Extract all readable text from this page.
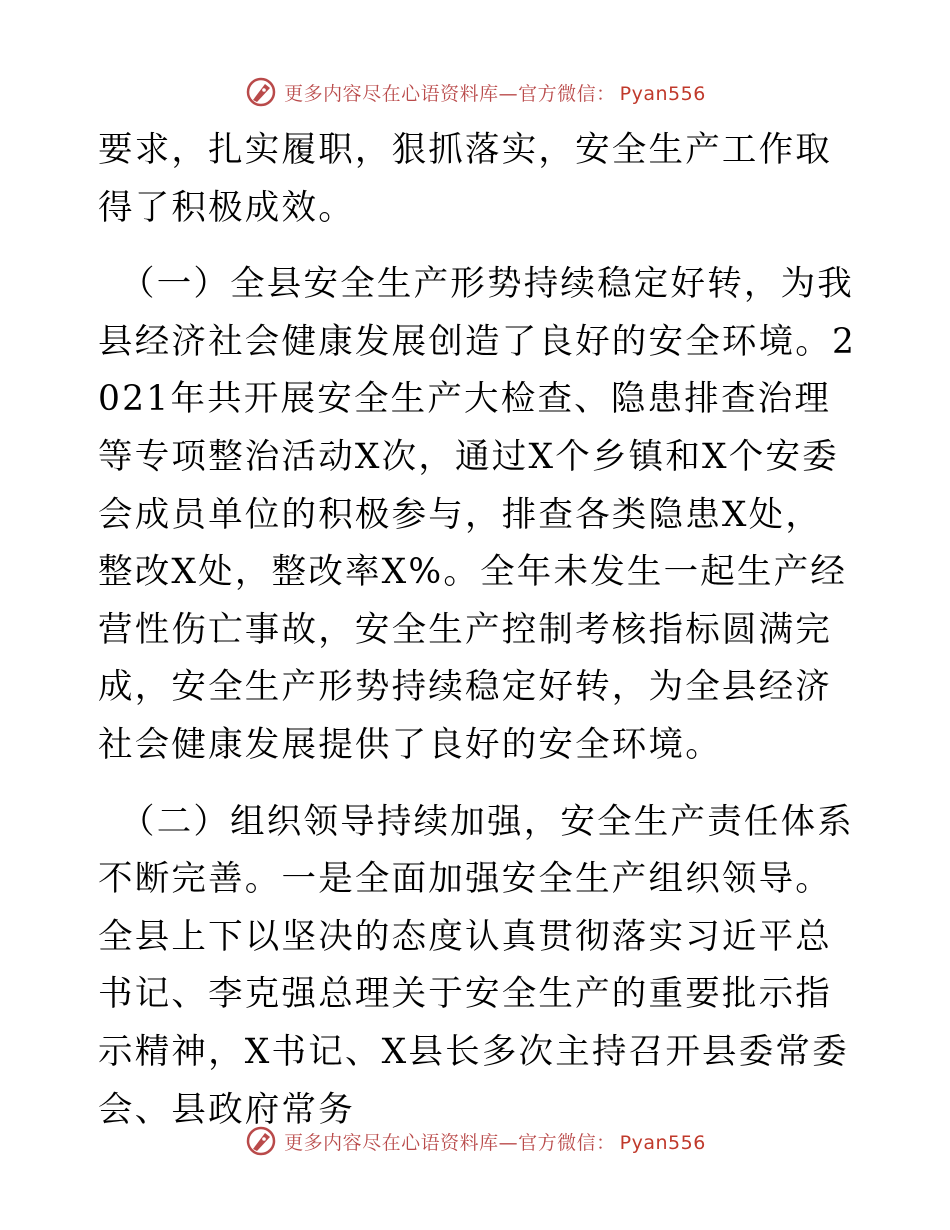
更多内容尽在心语资料库—官方微信： Pyan556

要求，扎实履职，狠抓落实，安全生产工作取得了积极成效。

（一）全县安全生产形势持续稳定好转，为我县经济社会健康发展创造了良好的安全环境。2021年共开展安全生产大检查、隐患排查治理等专项整治活动X次，通过X个乡镇和X个安委会成员单位的积极参与，排查各类隐患X处，整改X处，整改率X%。全年未发生一起生产经营性伤亡事故，安全生产控制考核指标圆满完成，安全生产形势持续稳定好转，为全县经济社会健康发展提供了良好的安全环境。

（二）组织领导持续加强，安全生产责任体系不断完善。一是全面加强安全生产组织领导。全县上下以坚决的态度认真贯彻落实习近平总书记、李克强总理关于安全生产的重要批示指示精神，X书记、X县长多次主持召开县委常委会、县政府常务

更多内容尽在心语资料库—官方微信： Pyan556
